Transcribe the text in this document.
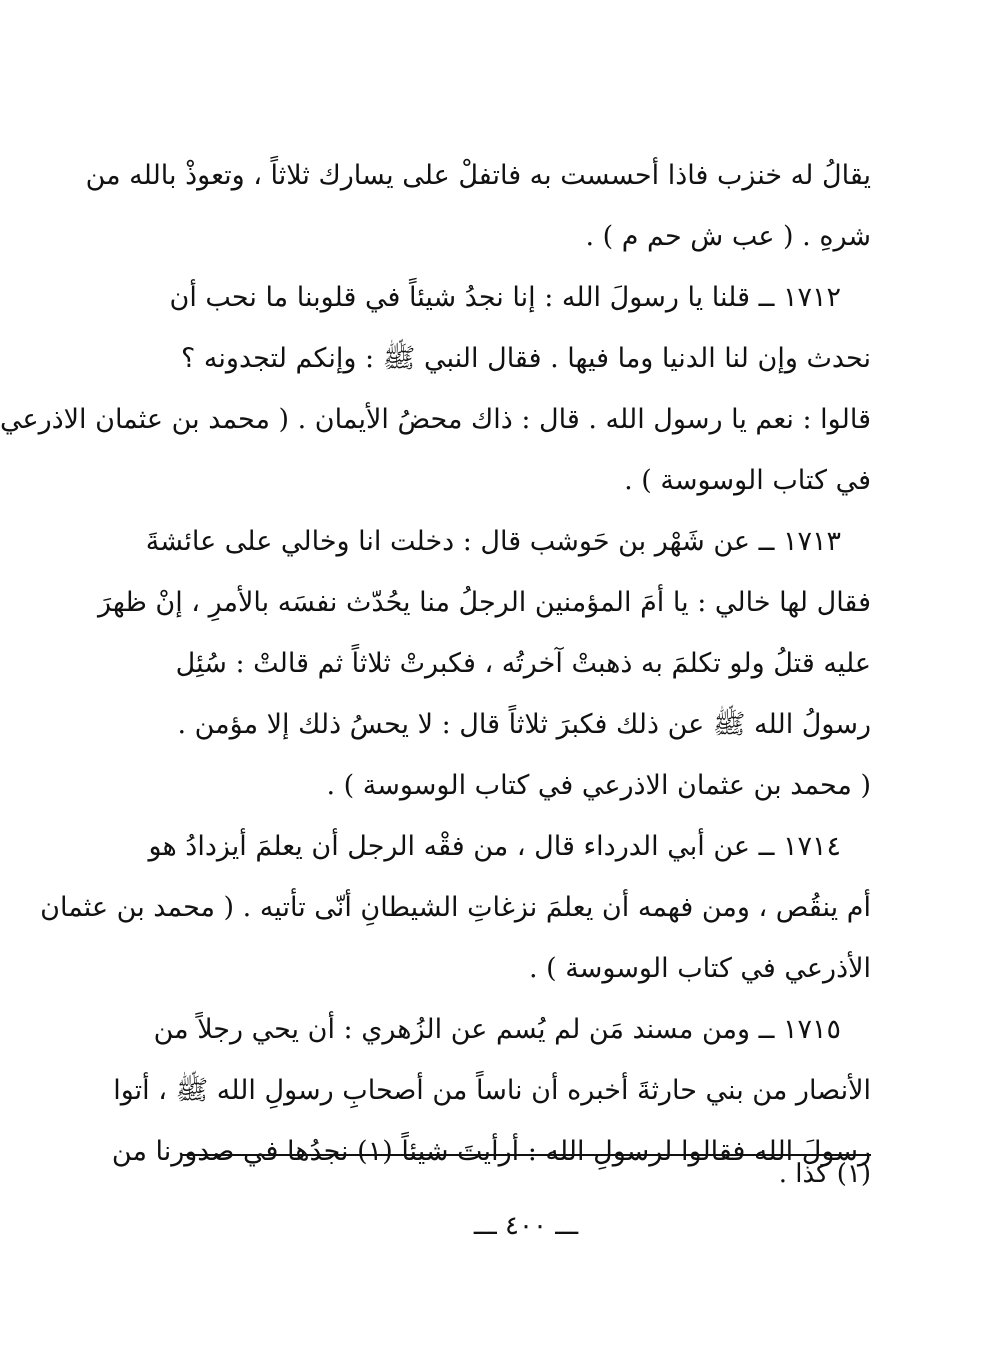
يقالُ له خنزب فاذا أحسست به فاتفلْ على يسارك ثلاثاً ، وتعوذْ بالله من
شرهِ . ( عب ش حم م ) .
١٧١٢ ــ قلنا يا رسولَ الله : إنا نجدُ شيئاً في قلوبنا ما نحب أن
نحدث وإن لنا الدنيا وما فيها . فقال النبي ﷺ : وإنكم لتجدونه ؟
قالوا : نعم يا رسول الله . قال : ذاك محضُ الأيمان . ( محمد بن عثمان الاذرعي
في كتاب الوسوسة ) .
١٧١٣ ــ عن شَهْر بن حَوشب قال : دخلت انا وخالي على عائشةَ
فقال لها خالي : يا أمَ المؤمنين الرجلُ منا يحُدّث نفسَه بالأمرِ ، إنْ ظهرَ
عليه قتلُ ولو تكلمَ به ذهبتْ آخرتُه ، فكبرتْ ثلاثاً ثم قالتْ : سُئِل
رسولُ الله ﷺ عن ذلك فكبرَ ثلاثاً قال : لا يحسُ ذلك إلا مؤمن .
( محمد بن عثمان الاذرعي في كتاب الوسوسة ) .
١٧١٤ ــ عن أبي الدرداء قال ، من فقْه الرجل أن يعلمَ أيزدادُ هو
أم ينقُص ، ومن فهمه أن يعلمَ نزغاتِ الشيطانِ أنّى تأتيه . ( محمد بن عثمان
الأذرعي في كتاب الوسوسة ) .
١٧١٥ ــ ومن مسند مَن لم يُسم عن الزُهري : أن يحي رجلاً من
الأنصار من بني حارثةَ أخبره أن ناساً من أصحابِ رسولِ الله ﷺ ، أتوا
رسولَ الله فقالوا لرسولِ الله : أرأيتَ شيئاً (١) نجدُها في صدورنا من
(١) كذا .
ـــ ٤٠٠ ـــ
